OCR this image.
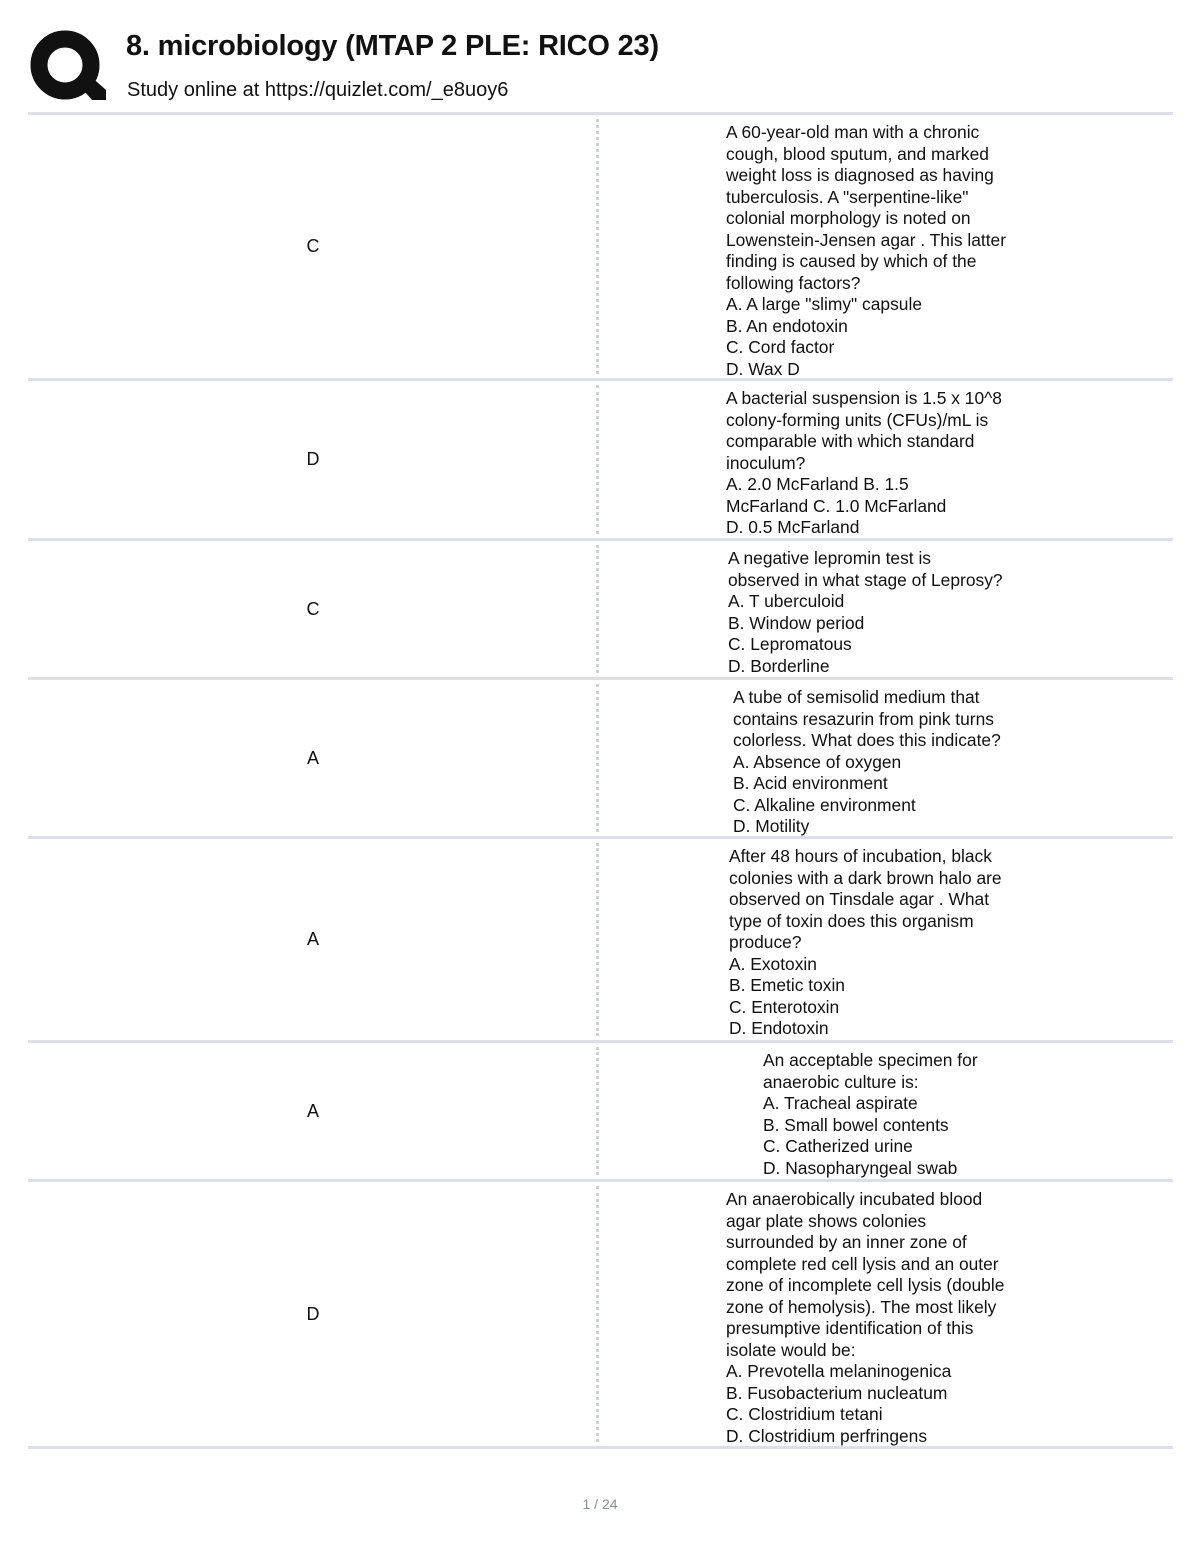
8. microbiology (MTAP 2 PLE: RICO 23)
Study online at https://quizlet.com/_e8uoy6
C
A 60-year-old man with a chronic
cough, blood sputum, and marked
weight loss is diagnosed as having
tuberculosis. A "serpentine-like"
colonial morphology is noted on
Lowenstein-Jensen agar . This latter
finding is caused by which of the
following factors?
A. A large "slimy" capsule
B. An endotoxin
C. Cord factor
D. Wax D
D
A bacterial suspension is 1.5 x 10^8
colony-forming units (CFUs)/mL is
comparable with which standard
inoculum?
A. 2.0 McFarland B. 1.5
McFarland C. 1.0 McFarland
D. 0.5 McFarland
C
A negative lepromin test is
observed in what stage of Leprosy?
A. T uberculoid
B. Window period
C. Lepromatous
D. Borderline
A
A tube of semisolid medium that
contains resazurin from pink turns
colorless. What does this indicate?
A. Absence of oxygen
B. Acid environment
C. Alkaline environment
D. Motility
A
After 48 hours of incubation, black
colonies with a dark brown halo are
observed on Tinsdale agar . What
type of toxin does this organism
produce?
A. Exotoxin
B. Emetic toxin
C. Enterotoxin
D. Endotoxin
A
An acceptable specimen for
anaerobic culture is:
A. Tracheal aspirate
B. Small bowel contents
C. Catherized urine
D. Nasopharyngeal swab
D
An anaerobically incubated blood
agar plate shows colonies
surrounded by an inner zone of
complete red cell lysis and an outer
zone of incomplete cell lysis (double
zone of hemolysis). The most likely
presumptive identification of this
isolate would be:
A. Prevotella melaninogenica
B. Fusobacterium nucleatum
C. Clostridium tetani
D. Clostridium perfringens
1 / 24
